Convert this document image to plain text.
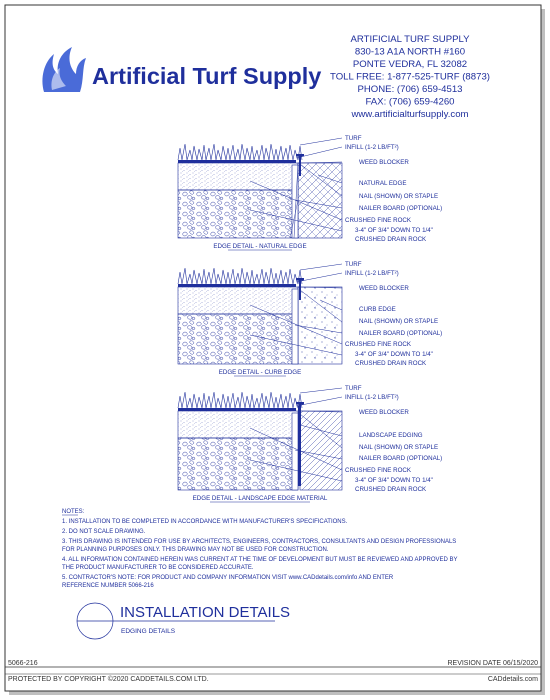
Artificial Turf Supply
ARTIFICIAL TURF SUPPLY
830-13 A1A NORTH #160
PONTE VEDRA, FL 32082
TOLL FREE: 1-877-525-TURF (8873)
PHONE: (706) 659-4513
FAX: (706) 659-4260
www.artificialturfsupply.com
TURF
INFILL (1-2 LB/FT²)
WEED BLOCKER
NATURAL EDGE
NAIL (SHOWN) OR STAPLE
NAILER BOARD (OPTIONAL)
CRUSHED FINE ROCK
3-4" OF 3/4" DOWN TO 1/4"
CRUSHED DRAIN ROCK
EDGE DETAIL - NATURAL EDGE
TURF
INFILL (1-2 LB/FT²)
WEED BLOCKER
CURB EDGE
NAIL (SHOWN) OR STAPLE
NAILER BOARD (OPTIONAL)
CRUSHED FINE ROCK
3-4" OF 3/4" DOWN TO 1/4"
CRUSHED DRAIN ROCK
EDGE DETAIL - CURB EDGE
TURF
INFILL (1-2 LB/FT²)
WEED BLOCKER
LANDSCAPE EDGING
NAIL (SHOWN) OR STAPLE
NAILER BOARD (OPTIONAL)
CRUSHED FINE ROCK
3-4" OF 3/4" DOWN TO 1/4"
CRUSHED DRAIN ROCK
EDGE DETAIL - LANDSCAPE EDGE MATERIAL
NOTES:
1. INSTALLATION TO BE COMPLETED IN ACCORDANCE WITH MANUFACTURER'S SPECIFICATIONS.
2. DO NOT SCALE DRAWING.
3. THIS DRAWING IS INTENDED FOR USE BY ARCHITECTS, ENGINEERS, CONTRACTORS, CONSULTANTS AND DESIGN PROFESSIONALS
FOR PLANNING PURPOSES ONLY. THIS DRAWING MAY NOT BE USED FOR CONSTRUCTION.
4. ALL INFORMATION CONTAINED HEREIN WAS CURRENT AT THE TIME OF DEVELOPMENT BUT MUST BE REVIEWED AND APPROVED BY
THE PRODUCT MANUFACTURER TO BE CONSIDERED ACCURATE.
5. CONTRACTOR'S NOTE: FOR PRODUCT AND COMPANY INFORMATION VISIT www.CADdetails.com/info AND ENTER
REFERENCE NUMBER 5066-216
INSTALLATION DETAILS
EDGING DETAILS
5066-216	REVISION DATE 06/15/2020
PROTECTED BY COPYRIGHT ©2020 CADDETAILS.COM LTD.	CADdetails.com
